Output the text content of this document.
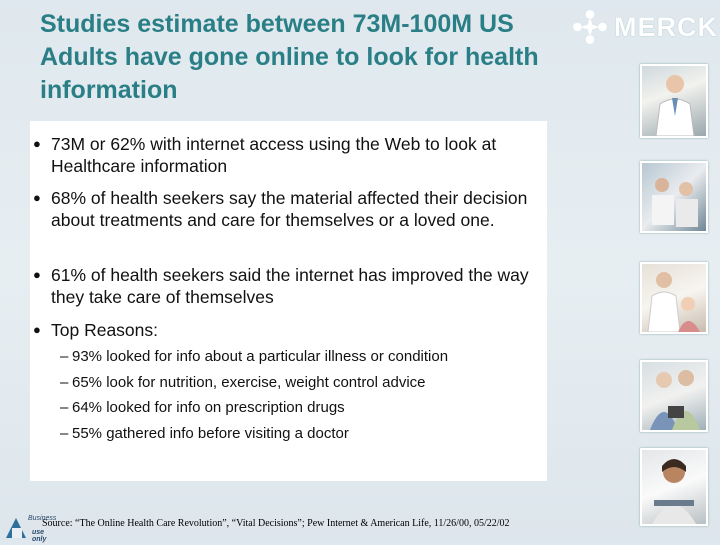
Studies estimate between 73M-100M US Adults have gone online to look for health information
MERCK
● 73M or 62% with internet access using the Web to look at Healthcare information
● 68% of health seekers say the material affected their decision about treatments and care for themselves or a loved one.
● 61% of health seekers said the internet has improved the way they take care of themselves
● Top Reasons:
– 93% looked for info about a particular illness or condition
– 65% look for nutrition, exercise, weight control advice
– 64% looked for info on prescription drugs
– 55% gathered info before visiting a doctor
Business
use only
Source: “The Online Health Care Revolution”, “Vital Decisions”; Pew Internet & American Life, 11/26/00, 05/22/02
